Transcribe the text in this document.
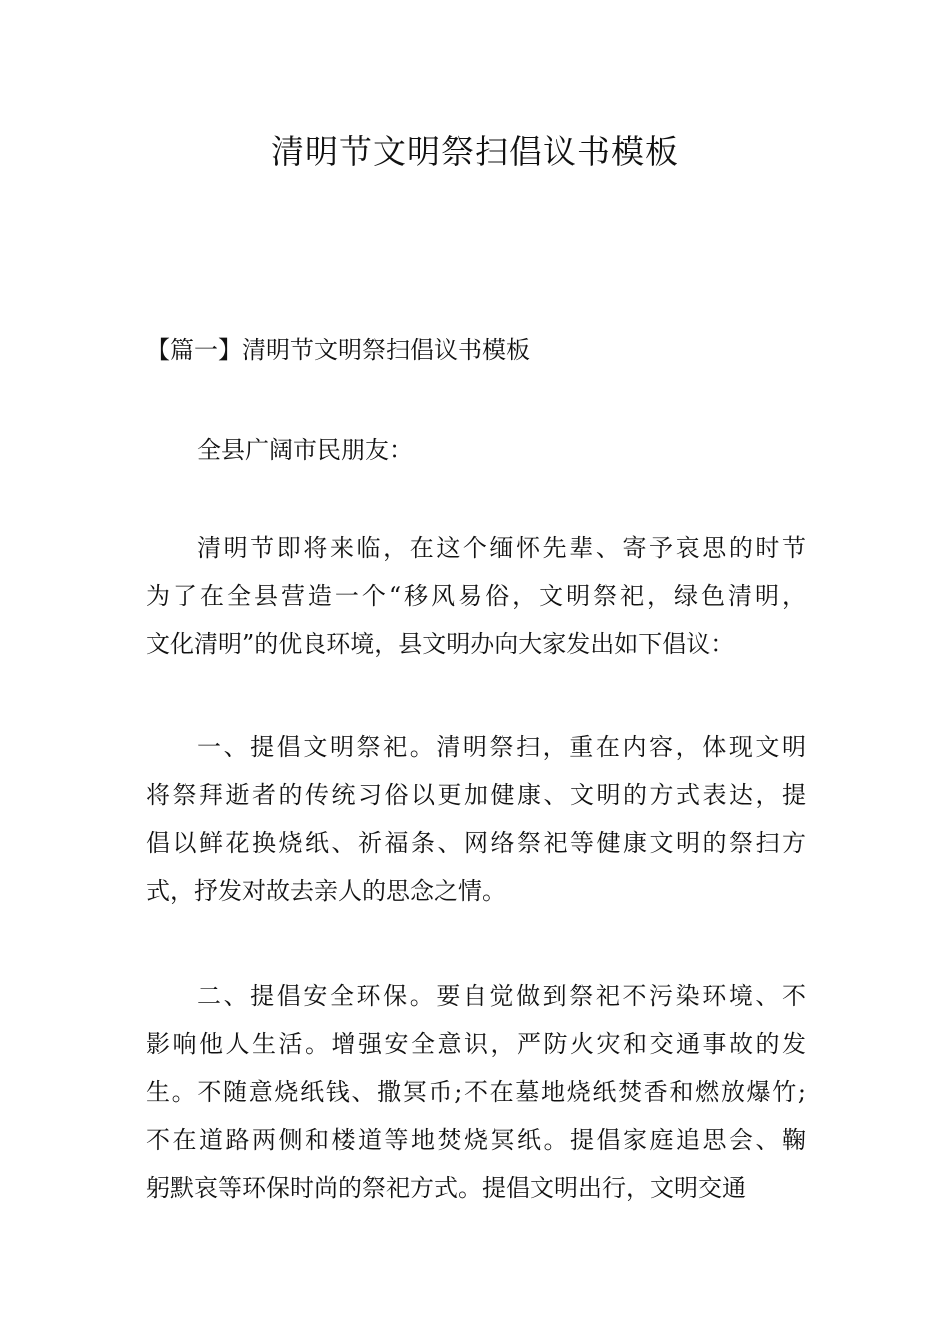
清明节文明祭扫倡议书模板
【篇一】清明节文明祭扫倡议书模板
全县广阔市民朋友：
清明节即将来临，在这个缅怀先辈、寄予哀思的时节
为了在全县营造一个“移风易俗，文明祭祀，绿色清明，
文化清明”的优良环境，县文明办向大家发出如下倡议：
一、提倡文明祭祀。清明祭扫，重在内容，体现文明
将祭拜逝者的传统习俗以更加健康、文明的方式表达，提
倡以鲜花换烧纸、祈福条、网络祭祀等健康文明的祭扫方
式，抒发对故去亲人的思念之情。
二、提倡安全环保。要自觉做到祭祀不污染环境、不
影响他人生活。增强安全意识，严防火灾和交通事故的发
生。不随意烧纸钱、撒冥币;不在墓地烧纸焚香和燃放爆竹;
不在道路两侧和楼道等地焚烧冥纸。提倡家庭追思会、鞠
躬默哀等环保时尚的祭祀方式。提倡文明出行，文明交通
